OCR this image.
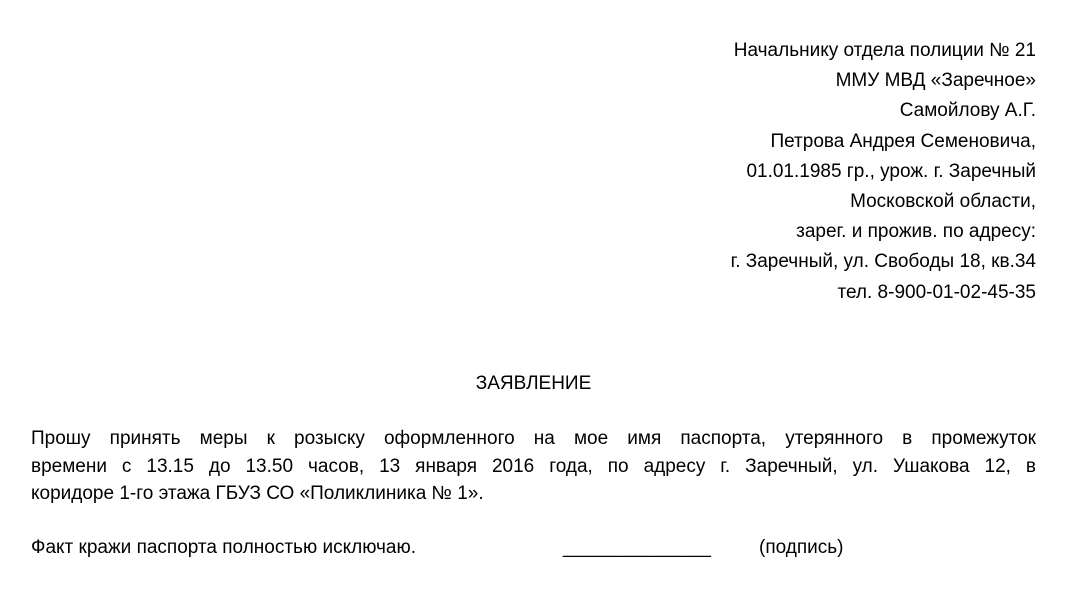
Начальнику отдела полиции № 21
ММУ МВД «Заречное»
Самойлову А.Г.
Петрова Андрея Семеновича,
01.01.1985 гр., урож. г. Заречный
Московской области,
зарег. и прожив. по адресу:
г. Заречный, ул. Свободы 18, кв.34
тел. 8-900-01-02-45-35
ЗАЯВЛЕНИЕ
Прошу принять меры к розыску оформленного на мое имя паспорта, утерянного в промежуток
времени с 13.15 до 13.50 часов, 13 января 2016 года, по адресу г. Заречный, ул. Ушакова 12, в
коридоре 1-го этажа ГБУЗ СО «Поликлиника № 1».
Факт кражи паспорта полностью исключаю.	______________	(подпись)
